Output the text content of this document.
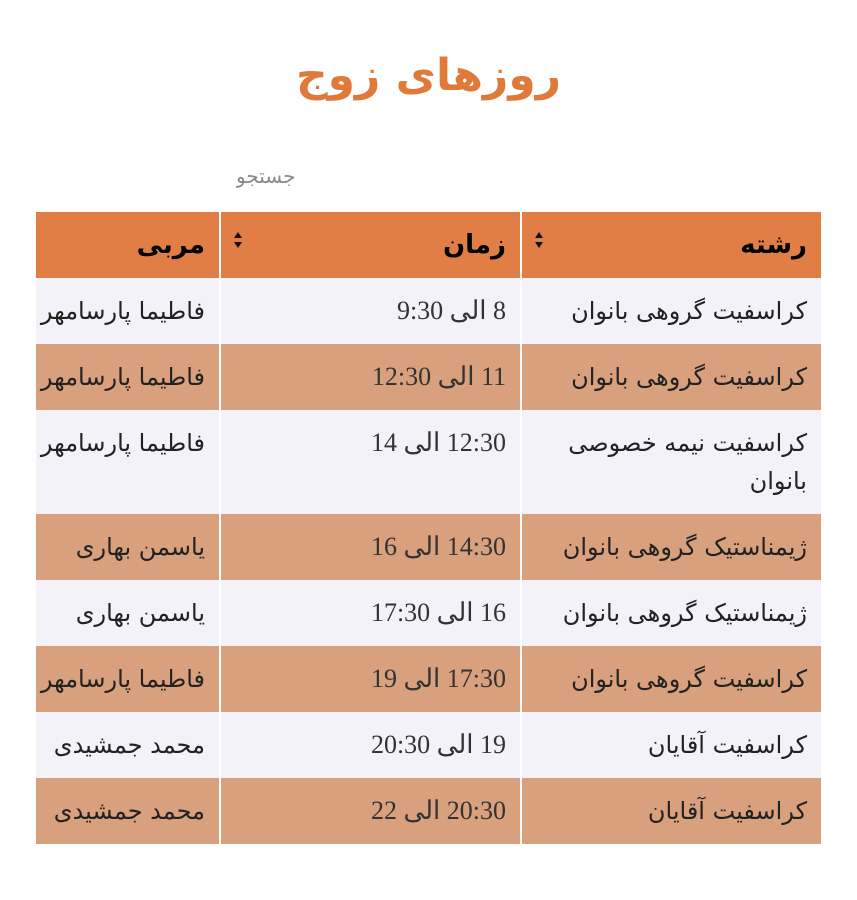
روزهای زوج
جستجو
رشته	زمان	مربی
کراسفیت گروهی بانوان	8 الی 9:30	فاطیما پارسامهر
کراسفیت گروهی بانوان	11 الی 12:30	فاطیما پارسامهر
کراسفیت نیمه خصوصی بانوان	12:30 الی 14	فاطیما پارسامهر
ژیمناستیک گروهی بانوان	14:30 الی 16	یاسمن بهاری
ژیمناستیک گروهی بانوان	16 الی 17:30	یاسمن بهاری
کراسفیت گروهی بانوان	17:30 الی 19	فاطیما پارسامهر
کراسفیت آقایان	19 الی 20:30	محمد جمشیدی
کراسفیت آقایان	20:30 الی 22	محمد جمشیدی
